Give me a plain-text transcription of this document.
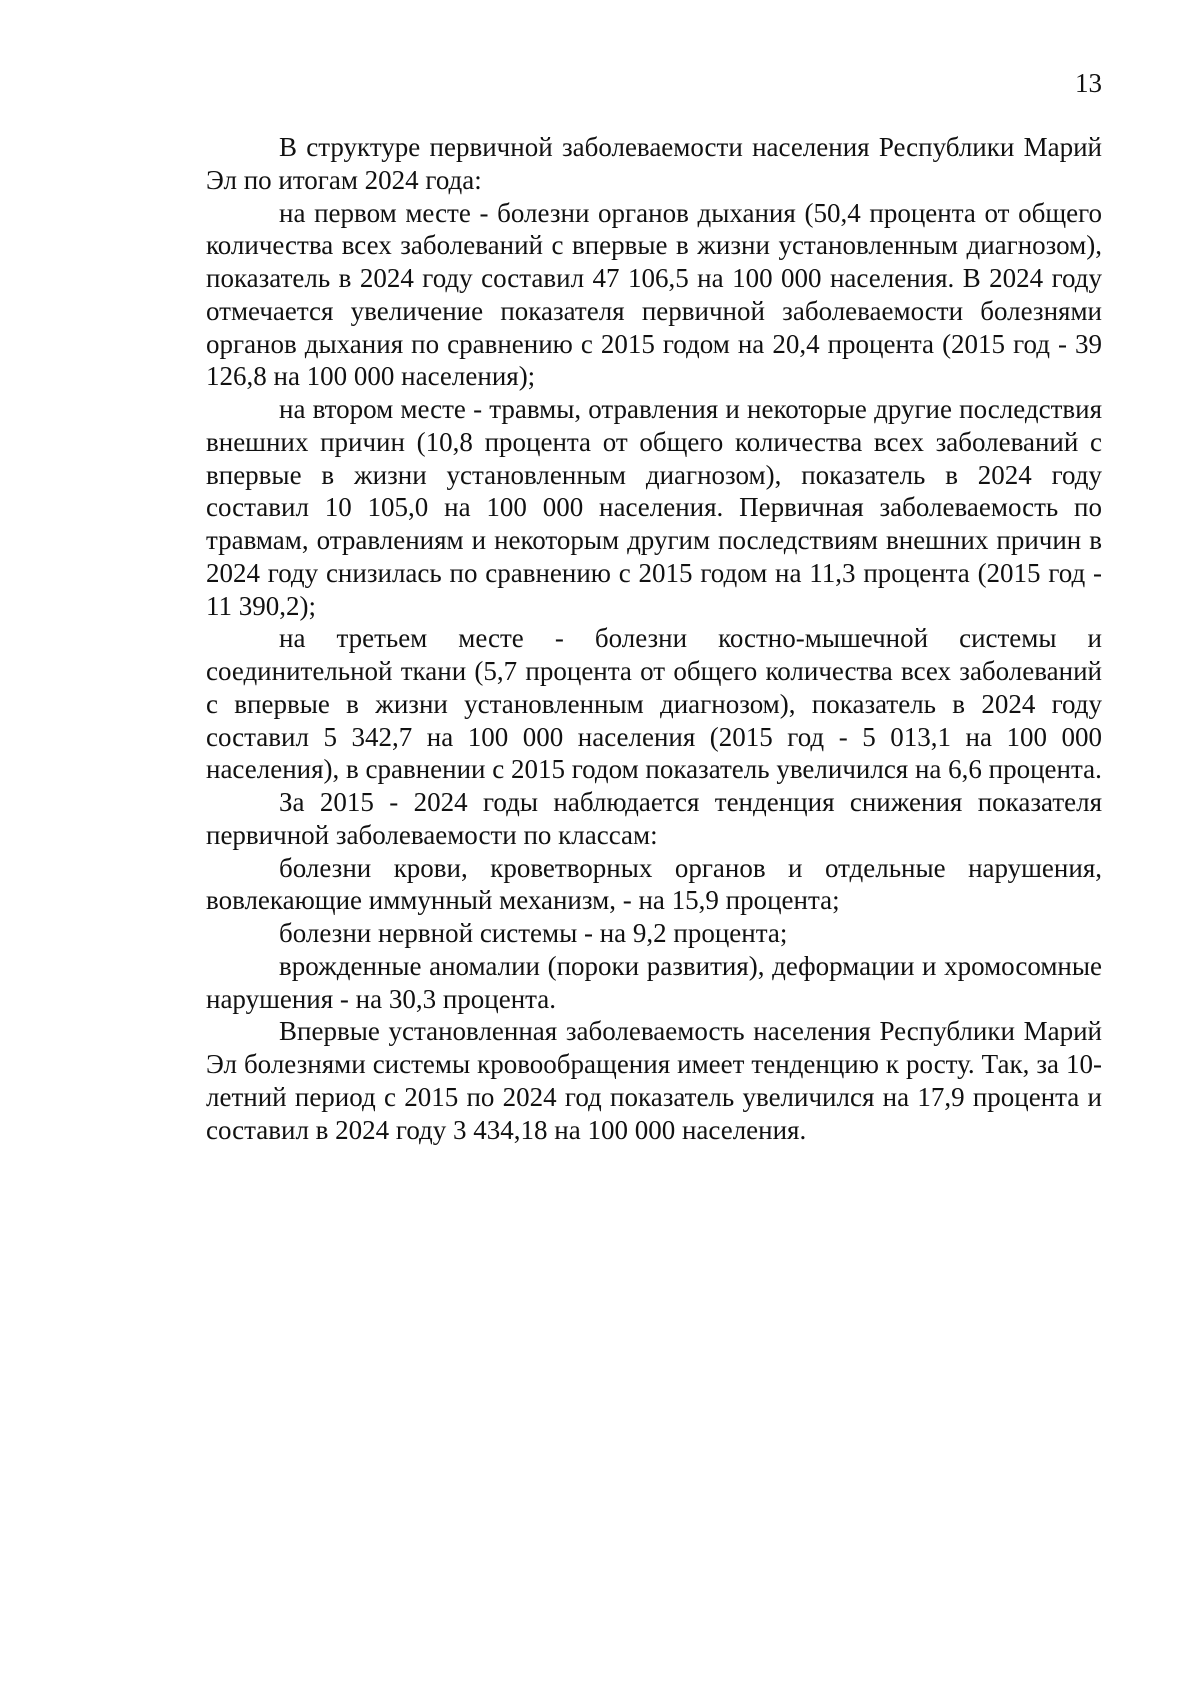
13

В структуре первичной заболеваемости населения Республики Марий Эл по итогам 2024 года:

на первом месте - болезни органов дыхания (50,4 процента от общего количества всех заболеваний с впервые в жизни установленным диагнозом), показатель в 2024 году составил 47 106,5 на 100 000 населения. В 2024 году отмечается увеличение показателя первичной заболеваемости болезнями органов дыхания по сравнению с 2015 годом на 20,4 процента (2015 год - 39 126,8 на 100 000 населения);

на втором месте - травмы, отравления и некоторые другие последствия внешних причин (10,8 процента от общего количества всех заболеваний с впервые в жизни установленным диагнозом), показатель в 2024 году составил 10 105,0 на 100 000 населения. Первичная заболеваемость по травмам, отравлениям и некоторым другим последствиям внешних причин в 2024 году снизилась по сравнению с 2015 годом на 11,3 процента (2015 год - 11 390,2);

на третьем месте - болезни костно-мышечной системы и соединительной ткани (5,7 процента от общего количества всех заболеваний с впервые в жизни установленным диагнозом), показатель в 2024 году составил 5 342,7 на 100 000 населения (2015 год - 5 013,1 на 100 000 населения), в сравнении с 2015 годом показатель увеличился на 6,6 процента.

За 2015 - 2024 годы наблюдается тенденция снижения показателя первичной заболеваемости по классам:

болезни крови, кроветворных органов и отдельные нарушения, вовлекающие иммунный механизм, - на 15,9 процента;

болезни нервной системы - на 9,2 процента;

врожденные аномалии (пороки развития), деформации и хромосомные нарушения - на 30,3 процента.

Впервые установленная заболеваемость населения Республики Марий Эл болезнями системы кровообращения имеет тенденцию к росту. Так, за 10-летний период с 2015 по 2024 год показатель увеличился на 17,9 процента и составил в 2024 году 3 434,18 на 100 000 населения.
